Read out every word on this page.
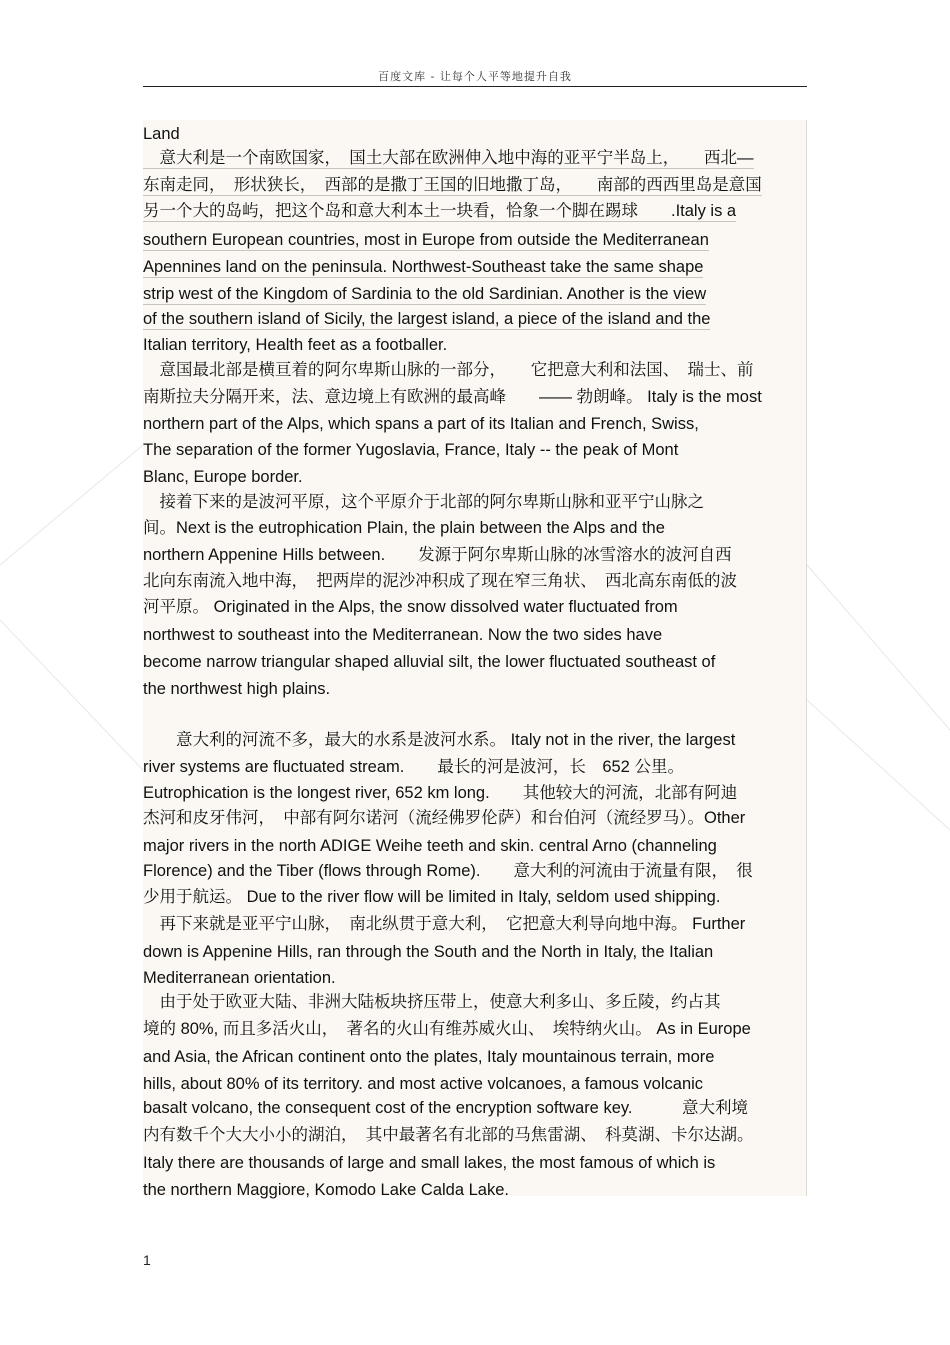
百度文库 - 让每个人平等地提升自我
Land
　意大利是一个南欧国家，　国土大部在欧洲伸入地中海的亚平宁半岛上，　　西北—
东南走同，　形状狭长，　西部的是撒丁王国的旧地撒丁岛，　　南部的西西里岛是意国
另一个大的岛屿，把这个岛和意大利本土一块看，恰象一个脚在踢球　　.Italy is a
southern European countries, most in Europe from outside the Mediterranean
Apennines land on the peninsula. Northwest-Southeast take the same shape
strip west of the Kingdom of Sardinia to the old Sardinian. Another is the view
of the southern island of Sicily, the largest island, a piece of the island and the
Italian territory, Health feet as a footballer.
　意国最北部是横亘着的阿尔卑斯山脉的一部分，　　它把意大利和法国、　瑞士、前
南斯拉夫分隔开来，法、意边境上有欧洲的最高峰　　—— 勃朗峰。 Italy is the most
northern part of the Alps, which spans a part of its Italian and French, Swiss,
The separation of the former Yugoslavia, France, Italy -- the peak of Mont
Blanc, Europe border.
　接着下来的是波河平原，这个平原介于北部的阿尔卑斯山脉和亚平宁山脉之
间。Next is the eutrophication Plain, the plain between the Alps and the
northern Appenine Hills between.　　发源于阿尔卑斯山脉的冰雪溶水的波河自西
北向东南流入地中海，　把两岸的泥沙冲积成了现在窄三角状、　西北高东南低的波
河平原。 Originated in the Alps, the snow dissolved water fluctuated from
northwest to southeast into the Mediterranean. Now the two sides have
become narrow triangular shaped alluvial silt, the lower fluctuated southeast of
the northwest high plains.
　　意大利的河流不多，最大的水系是波河水系。 Italy not in the river, the largest
river systems are fluctuated stream.　　最长的河是波河，长　652 公里。
Eutrophication is the longest river, 652 km long.　　其他较大的河流，北部有阿迪
杰河和皮牙伟河，　中部有阿尔诺河（流经佛罗伦萨）和台伯河（流经罗马）。Other
major rivers in the north ADIGE Weihe teeth and skin. central Arno (channeling
Florence) and the Tiber (flows through Rome).　　意大利的河流由于流量有限，　很
少用于航运。 Due to the river flow will be limited in Italy, seldom used shipping.
　再下来就是亚平宁山脉，　南北纵贯于意大利，　它把意大利导向地中海。 Further
down is Appenine Hills, ran through the South and the North in Italy, the Italian
Mediterranean orientation.
　由于处于欧亚大陆、非洲大陆板块挤压带上，使意大利多山、多丘陵，约占其
境的 80%, 而且多活火山，　著名的火山有维苏威火山、　埃特纳火山。 As in Europe
and Asia, the African continent onto the plates, Italy mountainous terrain, more
hills, about 80% of its territory. and most active volcanoes, a famous volcanic
basalt volcano, the consequent cost of the encryption software key.　　　意大利境
内有数千个大大小小的湖泊，　其中最著名有北部的马焦雷湖、　科莫湖、卡尔达湖。
Italy there are thousands of large and small lakes, the most famous of which is
the northern Maggiore, Komodo Lake Calda Lake.
1
